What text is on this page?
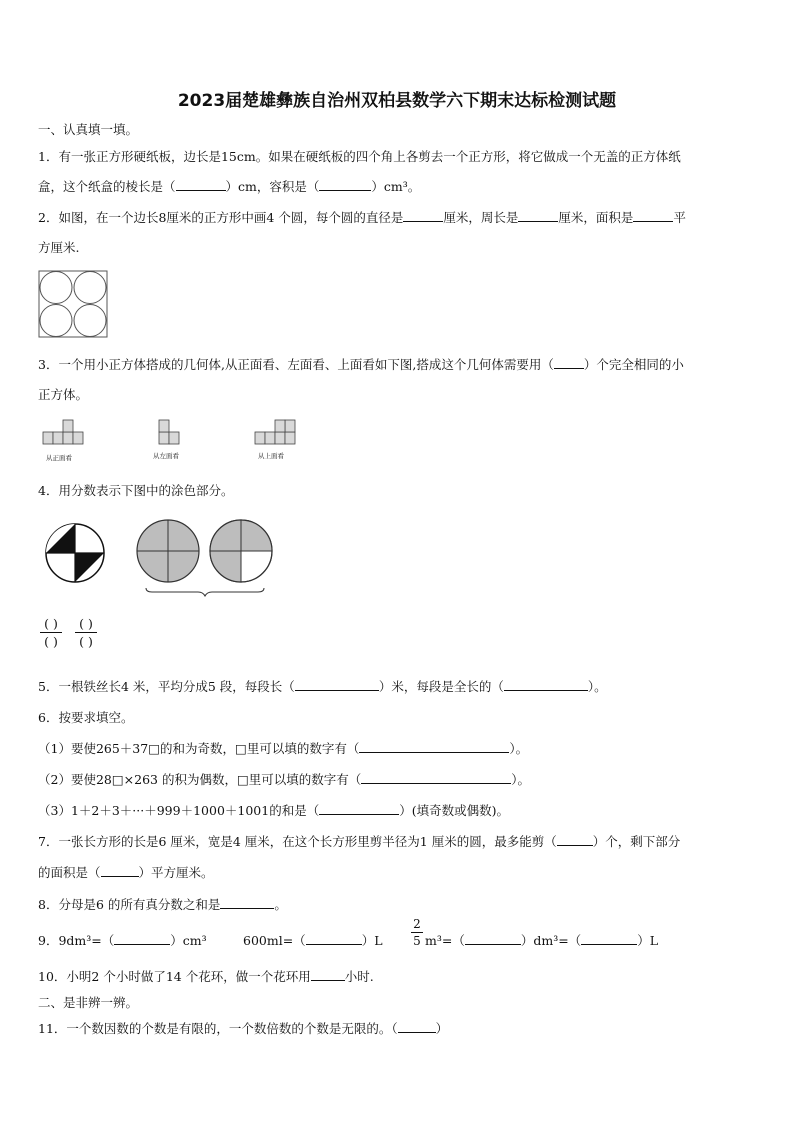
2023届楚雄彝族自治州双柏县数学六下期末达标检测试题
一、认真填一填。
1．有一张正方形硬纸板，边长是15cm。如果在硬纸板的四个角上各剪去一个正方形，将它做成一个无盖的正方体纸
盒，这个纸盒的棱长是（	）cm，容积是（	）cm³。
2．如图，在一个边长8厘米的正方形中画4 个圆，每个圆的直径是	厘米，周长是	厘米，面积是	平
方厘米.
3．一个用小正方体搭成的几何体,从正面看、左面看、上面看如下图,搭成这个几何体需要用（ ）个完全相同的小
正方体。
从正面看	从左面看	从上面看
4．用分数表示下图中的涂色部分。
( )
( )
( )
( )
5．一根铁丝长4 米，平均分成5 段，每段长（	）米，每段是全长的（	）。
6．按要求填空。
（1）要使265＋37□的和为奇数，□里可以填的数字有（	）。
（2）要使28□×263 的积为偶数，□里可以填的数字有（	）。
（3）1＋2＋3＋···＋999＋1000＋1001的和是（	）(填奇数或偶数)。
7．一张长方形的长是6 厘米，宽是4 厘米，在这个长方形里剪半径为1 厘米的圆，最多能剪（	）个，剩下部分
的面积是（	）平方厘米。
8．分母是6 的所有真分数之和是	。
9．9dm³=（	）cm³	600ml=（	）L
2
5 m³=（	）dm³=（	）L
10．小明2 个小时做了14 个花环，做一个花环用	小时.
二、是非辨一辨。
11．一个数因数的个数是有限的，一个数倍数的个数是无限的。（	）
